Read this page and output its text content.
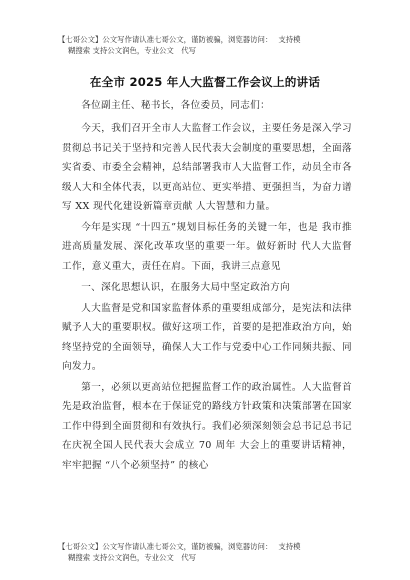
【七哥公文】公文写作请认准七哥公文，谨防被骗，浏览器访问：　 支持模
糊搜索 支持公文润色，专业公文　代写
在全市 2025 年人大监督工作会议上的讲话

各位副主任、秘书长，各位委员，同志们：

今天，我们召开全市人大监督工作会议，主要任务是深入学习贯彻总书记关于坚持和完善人民代表大会制度的重要思想，全面落实省委、市委全会精神，总结部署我市人大监督工作，动员全市各级人大和全体代表，以更高站位、更实举措、更强担当，为奋力谱写 XX 现代化建设新篇章贡献 人大智慧和力量。

今年是实现 “十四五”规划目标任务的关键一年，也是 我市推进高质量发展、深化改革攻坚的重要一年。做好新时 代人大监督工作，意义重大，责任在肩。下面，我讲三点意见

一、深化思想认识，在服务大局中坚定政治方向

人大监督是党和国家监督体系的重要组成部分，是宪法和法律赋予人大的重要职权。做好这项工作，首要的是把准政治方向，始终坚持党的全面领导，确保人大工作与党委中心工作同频共振、同向发力。

第一，必须以更高站位把握监督工作的政治属性。人大监督首先是政治监督，根本在于保证党的路线方针政策和决策部署在国家工作中得到全面贯彻和有效执行。我们必须深刻领会总书记总书记在庆祝全国人民代表大会成立 70 周年 大会上的重要讲话精神，牢牢把握 “八个必须坚持” 的核心

【七哥公文】公文写作请认准七哥公文，谨防被骗，浏览器访问：　 支持模
糊搜索 支持公文润色，专业公文　代写
